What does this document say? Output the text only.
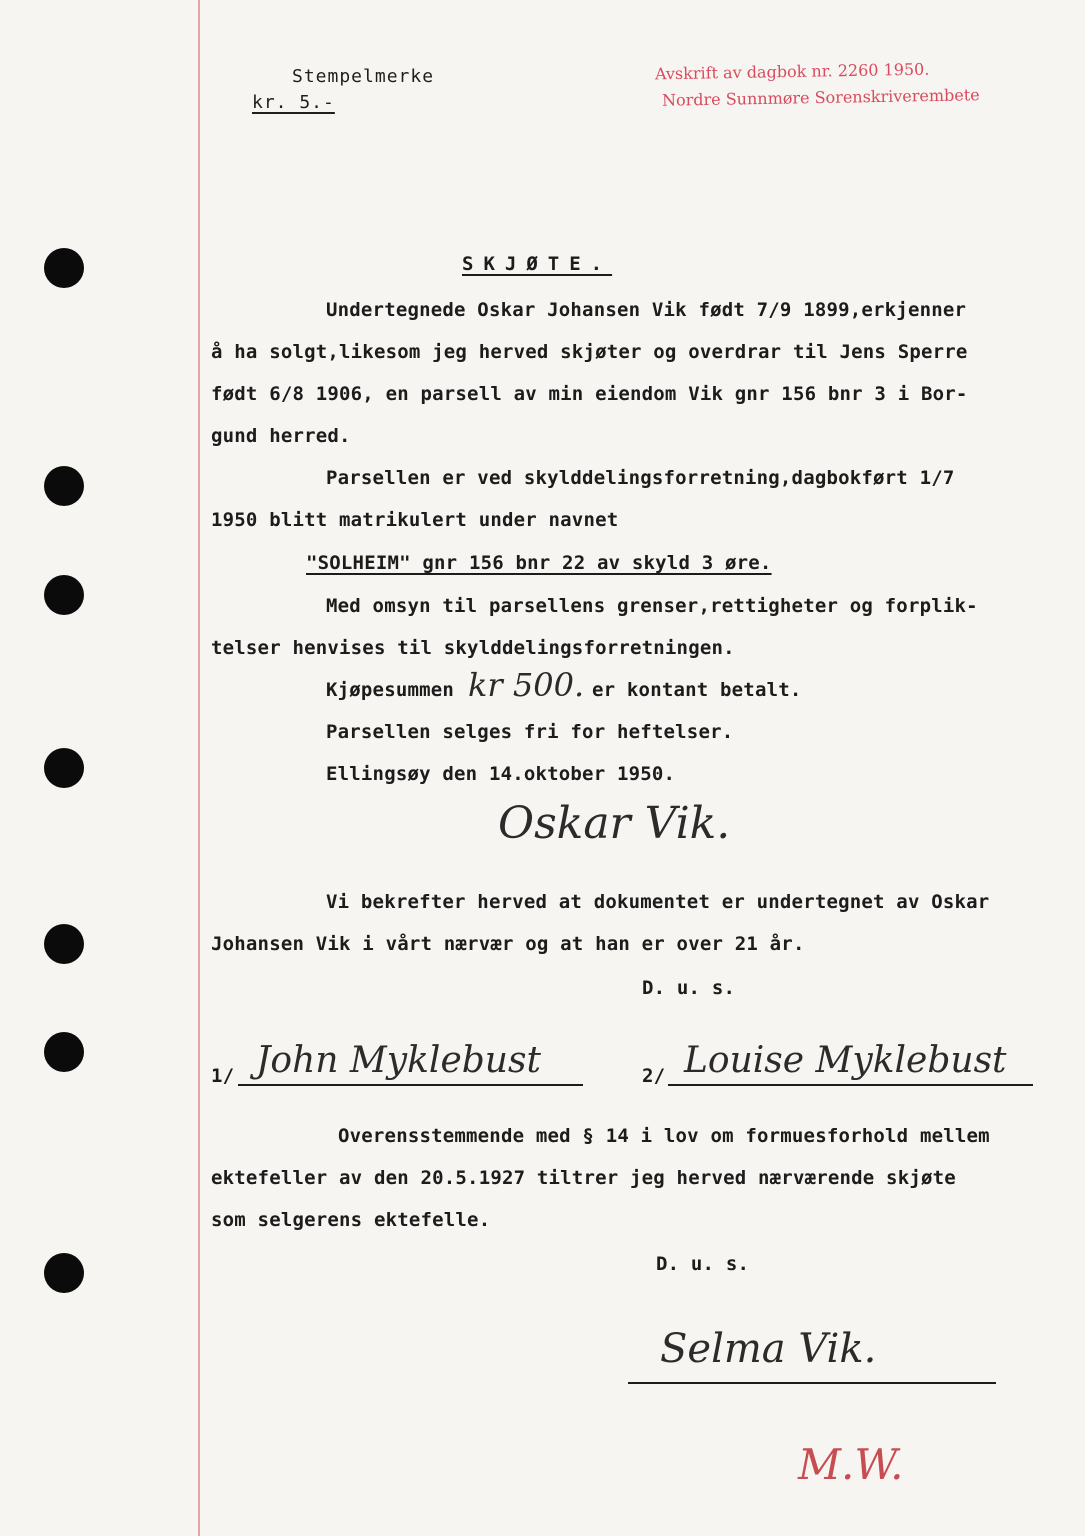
Stempelmerke
kr. 5.-
Avskrift av dagbok nr. 2260 1950.
Nordre Sunnmøre Sorenskriverembete
SKJØTE.
Undertegnede Oskar Johansen Vik født 7/9 1899,erkjenner
å ha solgt,likesom jeg herved skjøter og overdrar til Jens Sperre
født 6/8 1906, en parsell av min eiendom Vik gnr 156 bnr 3 i Bor-
gund herred.
Parsellen er ved skylddelingsforretning,dagbokført 1/7
1950 blitt matrikulert under navnet
"SOLHEIM" gnr 156 bnr 22 av skyld 3 øre.
Med omsyn til parsellens grenser,rettigheter og forplik-
telser henvises til skylddelingsforretningen.
Kjøpesummen kr 500. er kontant betalt.
Parsellen selges fri for heftelser.
Ellingsøy den 14.oktober 1950.
Oskar Vik.
Vi bekrefter herved at dokumentet er undertegnet av Oskar
Johansen Vik i vårt nærvær og at han er over 21 år.
D. u. s.
1/ John Myklebust	2/ Louise Myklebust
Overensstemmende med § 14 i lov om formuesforhold mellem
ektefeller av den 20.5.1927 tiltrer jeg herved nærværende skjøte
som selgerens ektefelle.
D. u. s.
Selma Vik.
M.W.
